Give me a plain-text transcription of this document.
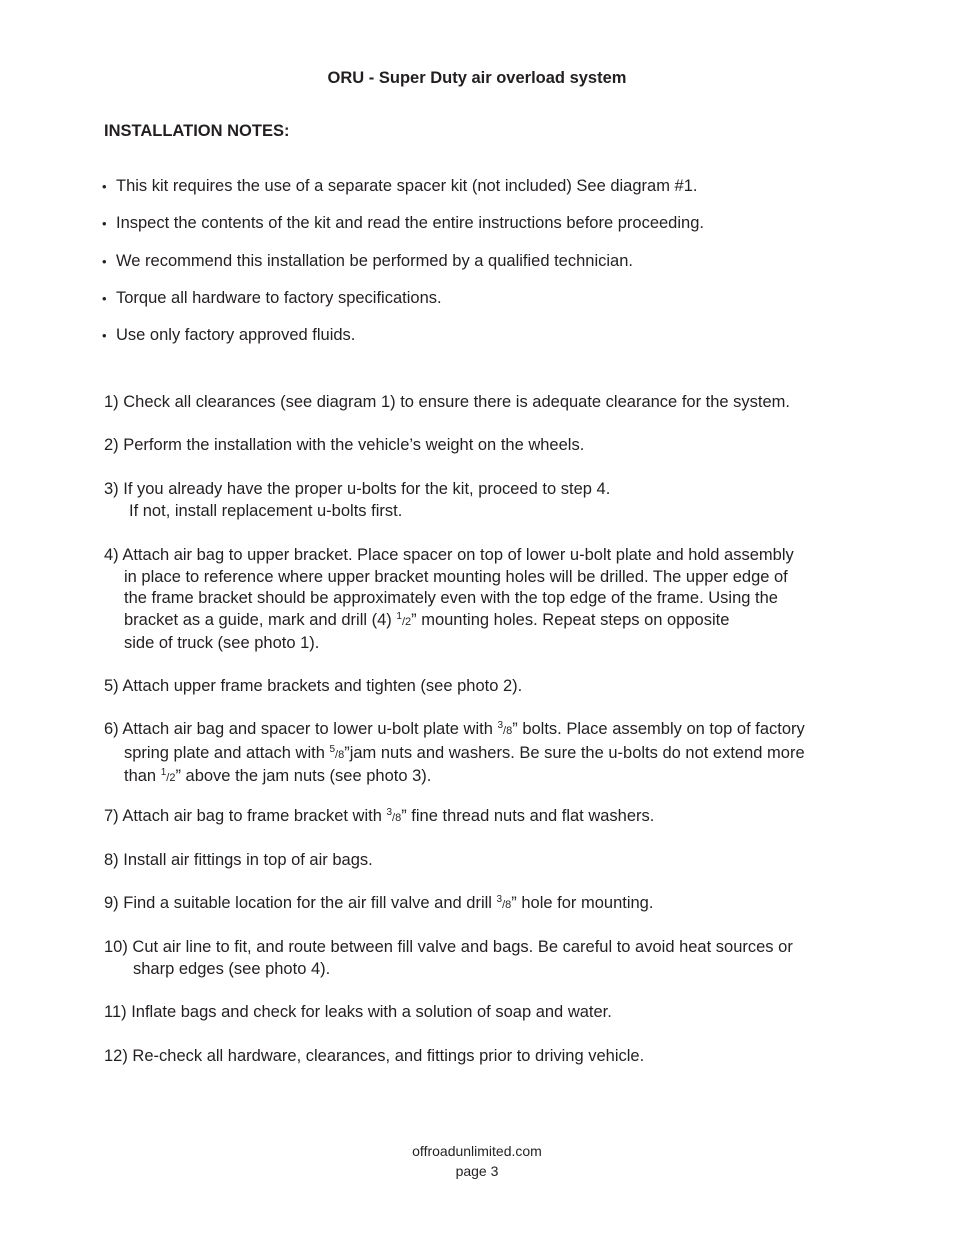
ORU - Super Duty air overload system
INSTALLATION NOTES:
• This kit requires the use of a separate spacer kit (not included) See diagram #1.
• Inspect the contents of the kit and read the entire instructions before proceeding.
• We recommend this installation be performed by a qualified technician.
• Torque all hardware to factory specifications.
• Use only factory approved fluids.
1) Check all clearances (see diagram 1) to ensure there is adequate clearance for the system.
2) Perform the installation with the vehicle’s weight on the wheels.
3) If you already have the proper u-bolts for the kit, proceed to step 4.
If not, install replacement u-bolts first.
4) Attach air bag to upper bracket. Place spacer on top of lower u-bolt plate and hold assembly
in place to reference where upper bracket mounting holes will be drilled. The upper edge of
the frame bracket should be approximately even with the top edge of the frame. Using the
bracket as a guide, mark and drill (4) $^1$/2” mounting holes. Repeat steps on opposite
side of truck (see photo 1).
5) Attach upper frame brackets and tighten (see photo 2).
6) Attach air bag and spacer to lower u-bolt plate with $^3$/8” bolts. Place assembly on top of factory
spring plate and attach with $^5$/8”jam nuts and washers. Be sure the u-bolts do not extend more
than $^1$/2” above the jam nuts (see photo 3).
7) Attach air bag to frame bracket with $^3$/8” fine thread nuts and flat washers.
8) Install air fittings in top of air bags.
9) Find a suitable location for the air fill valve and drill $^3$/8” hole for mounting.
10) Cut air line to fit, and route between fill valve and bags. Be careful to avoid heat sources or
sharp edges (see photo 4).
11) Inflate bags and check for leaks with a solution of soap and water.
12) Re-check all hardware, clearances, and fittings prior to driving vehicle.
offroadunlimited.com
page 3
